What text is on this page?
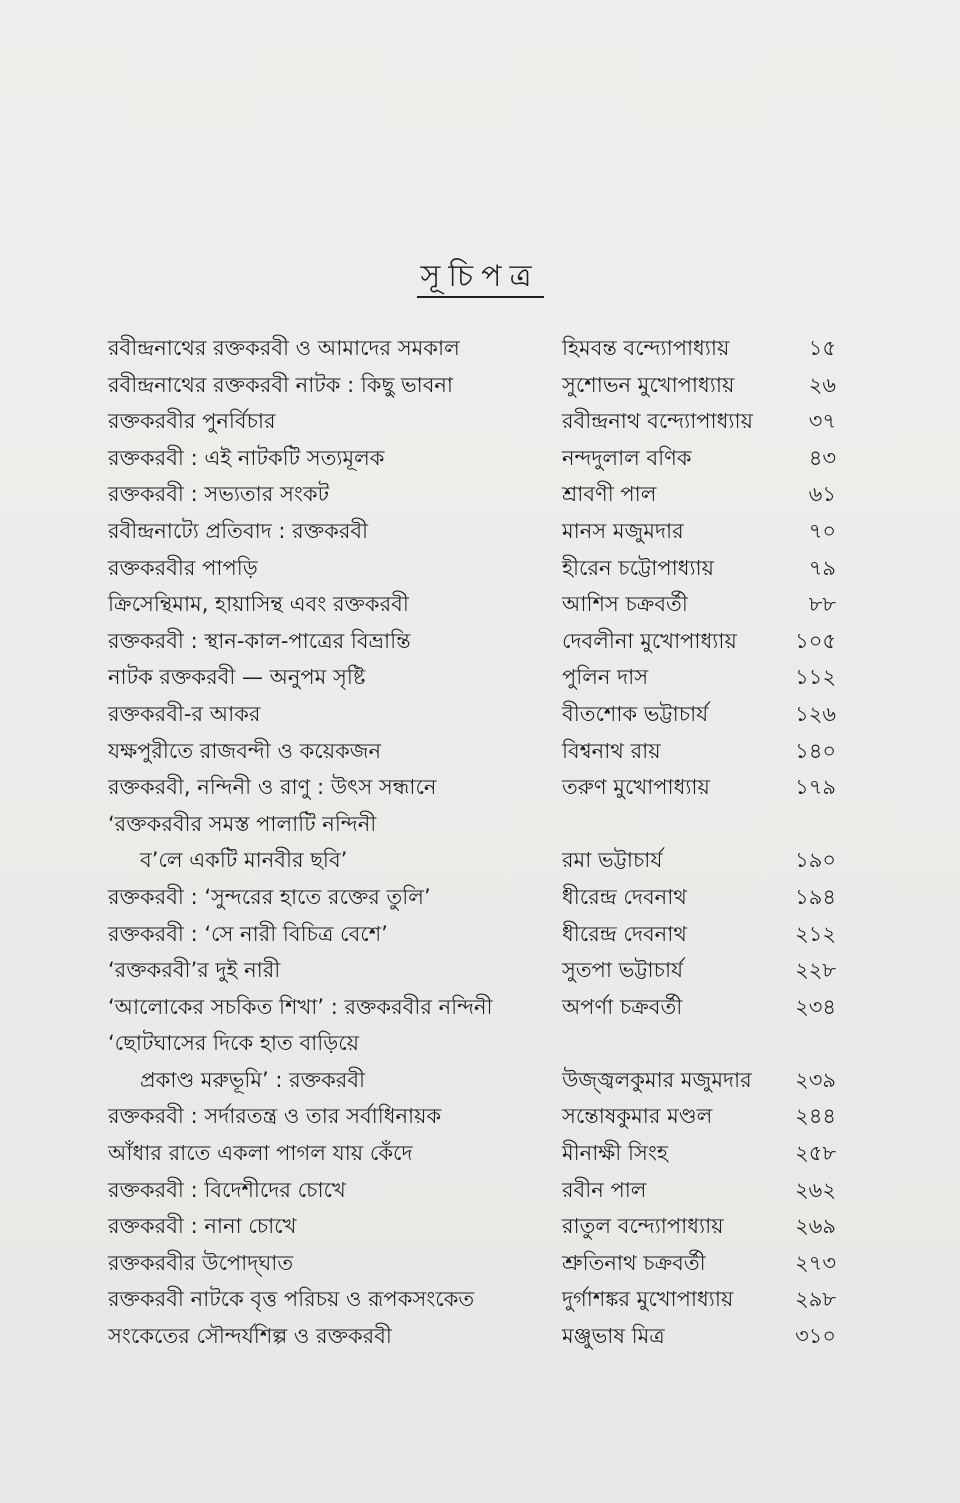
সূচিপত্র
রবীন্দ্রনাথের রক্তকরবী ও আমাদের সমকাল	হিমবন্ত বন্দ্যোপাধ্যায়	১৫
রবীন্দ্রনাথের রক্তকরবী নাটক : কিছু ভাবনা	সুশোভন মুখোপাধ্যায়	২৬
রক্তকরবীর পুনর্বিচার	রবীন্দ্রনাথ বন্দ্যোপাধ্যায়	৩৭
রক্তকরবী : এই নাটকটি সত্যমূলক	নন্দদুলাল বণিক	৪৩
রক্তকরবী : সভ্যতার সংকট	শ্রাবণী পাল	৬১
রবীন্দ্রনাট্যে প্রতিবাদ : রক্তকরবী	মানস মজুমদার	৭০
রক্তকরবীর পাপড়ি	হীরেন চট্টোপাধ্যায়	৭৯
ক্রিসেন্থিমাম, হায়াসিন্থ এবং রক্তকরবী	আশিস চক্রবর্তী	৮৮
রক্তকরবী : স্থান-কাল-পাত্রের বিভ্রান্তি	দেবলীনা মুখোপাধ্যায়	১০৫
নাটক রক্তকরবী — অনুপম সৃষ্টি	পুলিন দাস	১১২
রক্তকরবী-র আকর	বীতশোক ভট্টাচার্য	১২৬
যক্ষপুরীতে রাজবন্দী ও কয়েকজন	বিশ্বনাথ রায়	১৪০
রক্তকরবী, নন্দিনী ও রাণু : উৎস সন্ধানে	তরুণ মুখোপাধ্যায়	১৭৯
‘রক্তকরবীর সমস্ত পালাটি নন্দিনী
ব’লে একটি মানবীর ছবি’	রমা ভট্টাচার্য	১৯০
রক্তকরবী : ‘সুন্দরের হাতে রক্তের তুলি’	ধীরেন্দ্র দেবনাথ	১৯৪
রক্তকরবী : ‘সে নারী বিচিত্র বেশে’	ধীরেন্দ্র দেবনাথ	২১২
‘রক্তকরবী’র দুই নারী	সুতপা ভট্টাচার্য	২২৮
‘আলোকের সচকিত শিখা’ : রক্তকরবীর নন্দিনী	অপর্ণা চক্রবর্তী	২৩৪
‘ছোটঘাসের দিকে হাত বাড়িয়ে
প্রকাণ্ড মরুভূমি’ : রক্তকরবী	উজ্জ্বলকুমার মজুমদার ২৩৯
রক্তকরবী : সর্দারতন্ত্র ও তার সর্বাধিনায়ক	সন্তোষকুমার মণ্ডল	২৪৪
আঁধার রাতে একলা পাগল যায় কেঁদে	মীনাক্ষী সিংহ	২৫৮
রক্তকরবী : বিদেশীদের চোখে	রবীন পাল	২৬২
রক্তকরবী : নানা চোখে	রাতুল বন্দ্যোপাধ্যায়	২৬৯
রক্তকরবীর উপোদ্‌ঘাত	শ্রুতিনাথ চক্রবর্তী	২৭৩
রক্তকরবী নাটকে বৃত্ত পরিচয় ও রূপকসংকেত	দুর্গাশঙ্কর মুখোপাধ্যায়	২৯৮
সংকেতের সৌন্দর্যশিল্প ও রক্তকরবী	মঞ্জুভাষ মিত্র	৩১০
